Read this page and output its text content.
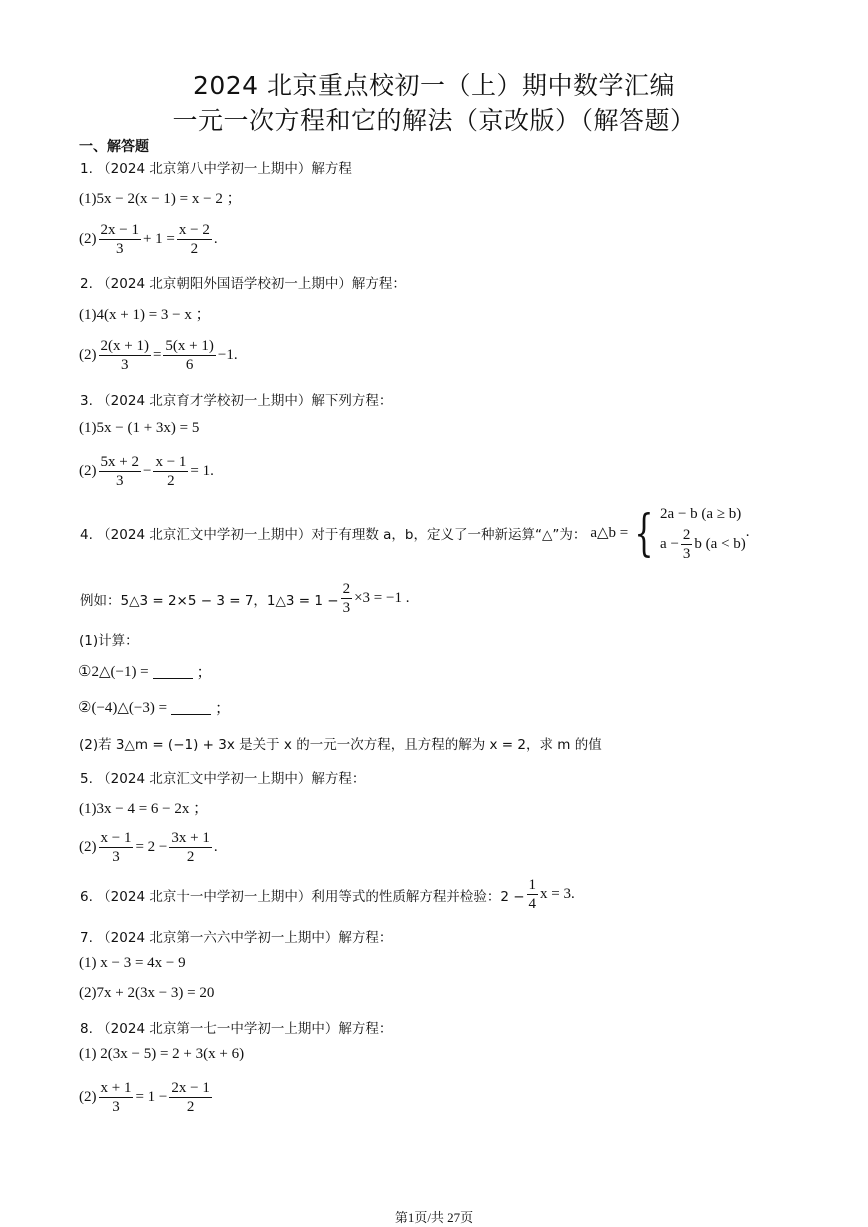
2024 北京重点校初一（上）期中数学汇编
一元一次方程和它的解法（京改版）（解答题）
一、解答题
1. （2024 北京第八中学初一上期中）解方程
(1)5x − 2(x − 1) = x − 2 ；
$(2) \frac{2x - 1}{3} + 1 = \frac{x - 2}{2}$ .
2. （2024 北京朝阳外国语学校初一上期中）解方程：
(1)4(x + 1) = 3 − x ；
$(2) \frac{2(x + 1)}{3} = \frac{5(x + 1)}{6} -1$.
3. （2024 北京育才学校初一上期中）解下列方程：
(1)5x − (1 + 3x) = 5
$(2) \frac{5x + 2}{3} - \frac{x - 1}{2} = 1$.
4. （2024 北京汇文中学初一上期中）对于有理数 a，b，定义了一种新运算“△”为： a△b = { 2a − b (a ≥ b)
$a - \frac{2}{3}$ b (a < b)
.
例如：5△3 = 2×5 − 3 = 7，1△3 = $1 - \frac{2}{3} \times 3 = -1$ .
(1)计算：
①2△(−1) =	；
②(−4)△(−3) =	；
(2)若 3△m = (−1) + 3x 是关于 x 的一元一次方程，且方程的解为 x = 2，求 m 的值
5. （2024 北京汇文中学初一上期中）解方程：
(1)3x − 4 = 6 − 2x ；
$(2) \frac{x - 1}{3} = 2 - \frac{3x + 1}{2}$ .
6. （2024 北京十一中学初一上期中）利用等式的性质解方程并检验：$2 - \frac{1}{4}$ x = 3.
7. （2024 北京第一六六中学初一上期中）解方程：
(1) x − 3 = 4x − 9
(2)7x + 2(3x − 3) = 20
8. （2024 北京第一七一中学初一上期中）解方程：
(1) 2(3x − 5) = 2 + 3(x + 6)
$(2) \frac{x + 1}{3} = 1 - \frac{2x - 1}{2}$
第1页/共 27页
